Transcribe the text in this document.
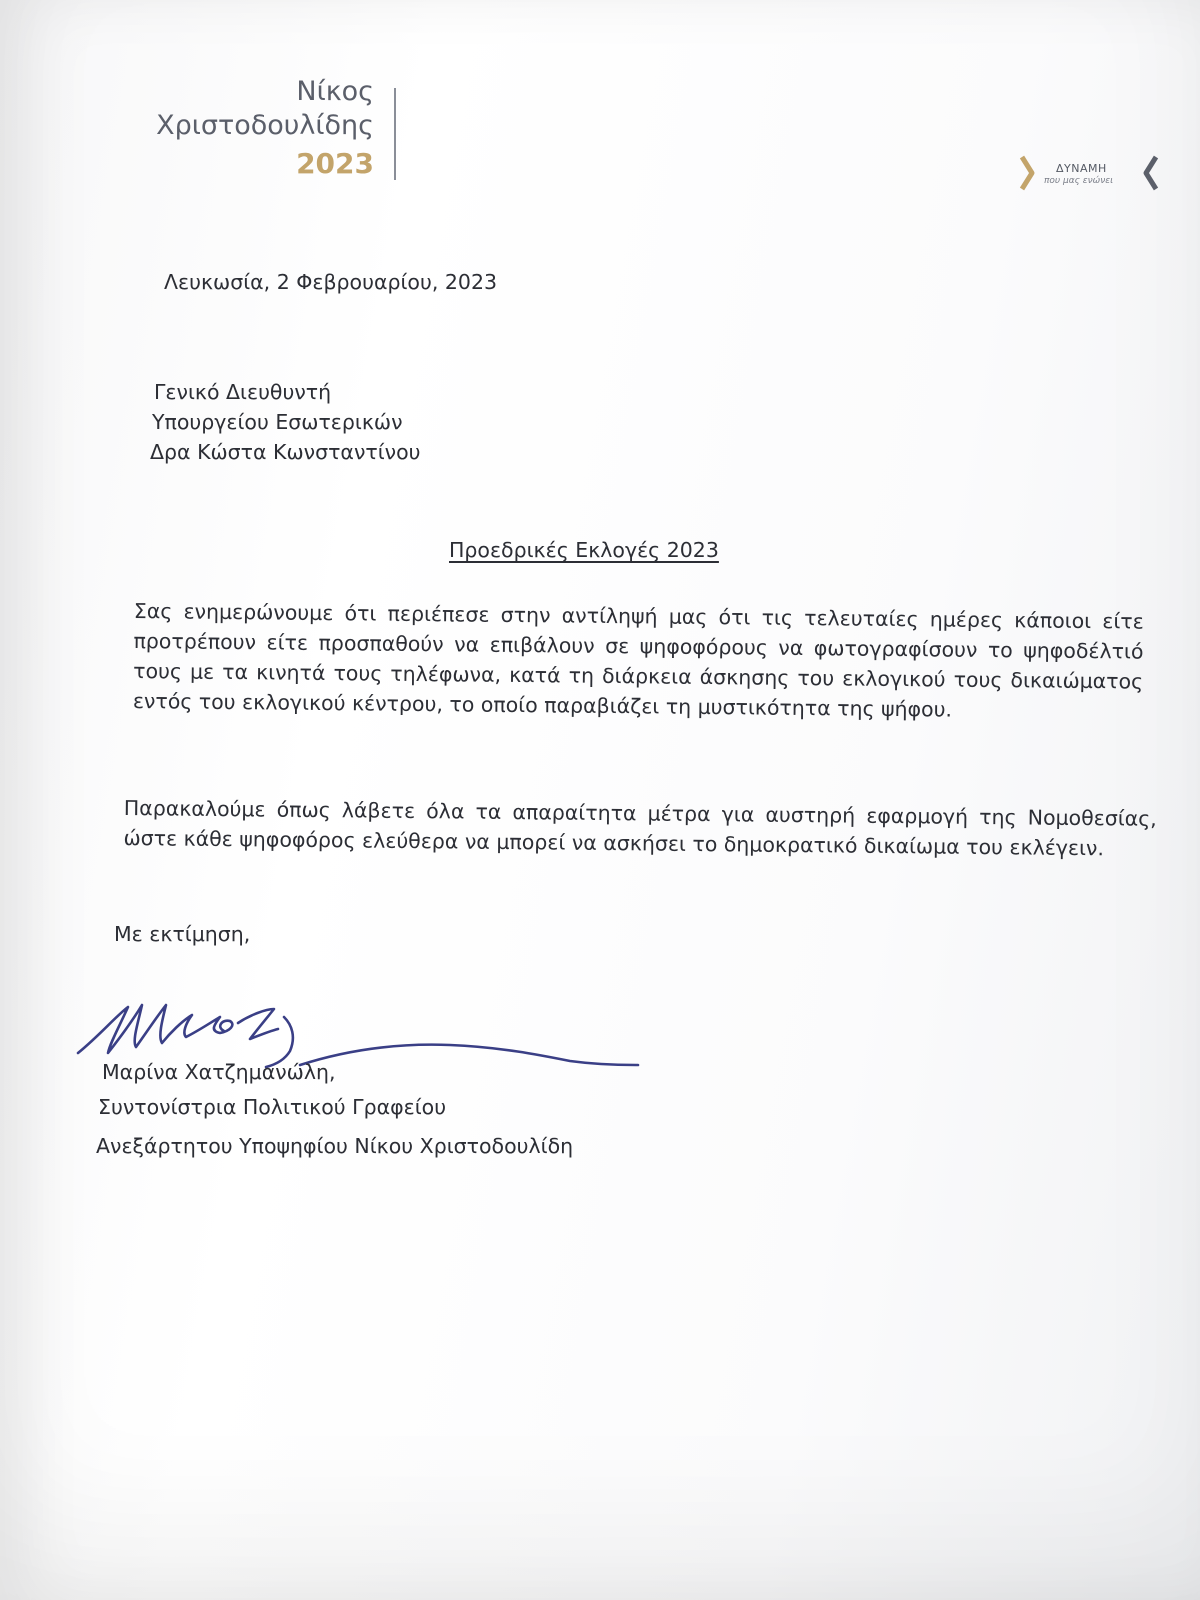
Νίκος
Χριστοδουλίδης
2023	ΔΥΝΑΜΗ
που μας ενώνει
Λευκωσία, 2 Φεβρουαρίου, 2023
Γενικό Διευθυντή
Υπουργείου Εσωτερικών
Δρα Κώστα Κωνσταντίνου
Προεδρικές Εκλογές 2023
Σας ενημερώνουμε ότι περιέπεσε στην αντίληψή μας ότι τις τελευταίες ημέρες κάποιοι είτε προτρέπουν είτε προσπαθούν να επιβάλουν σε ψηφοφόρους να φωτογραφίσουν το ψηφοδέλτιό τους με τα κινητά τους τηλέφωνα, κατά τη διάρκεια άσκησης του εκλογικού τους δικαιώματος εντός του εκλογικού κέντρου, το οποίο παραβιάζει τη μυστικότητα της ψήφου.
Παρακαλούμε όπως λάβετε όλα τα απαραίτητα μέτρα για αυστηρή εφαρμογή της Νομοθεσίας, ώστε κάθε ψηφοφόρος ελεύθερα να μπορεί να ασκήσει το δημοκρατικό δικαίωμα του εκλέγειν.
Με εκτίμηση,
Μαρίνα Χατζημανώλη,
Συντονίστρια Πολιτικού Γραφείου
Ανεξάρτητου Υποψηφίου Νίκου Χριστοδουλίδη
